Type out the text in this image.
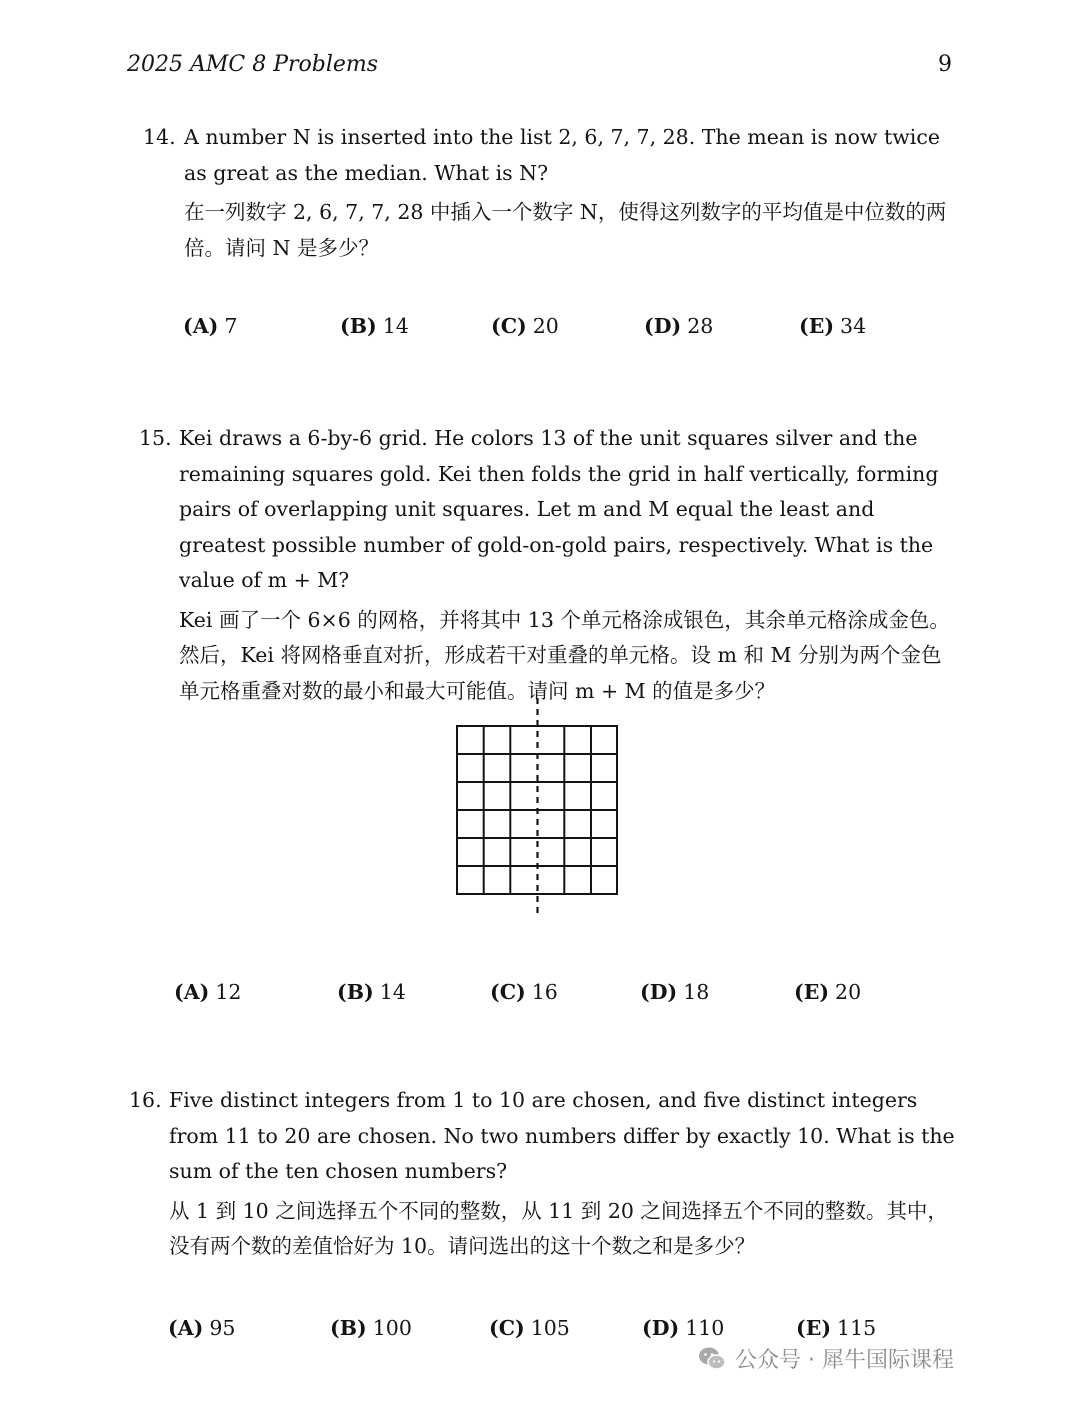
2025 AMC 8 Problems	9
14. A number N is inserted into the list 2, 6, 7, 7, 28. The mean is now twice as great as the median. What is N?

在一列数字 2, 6, 7, 7, 28 中插入一个数字 N，使得这列数字的平均值是中位数的两倍。请问 N 是多少？

(A) 7	(B) 14	(C) 20	(D) 28	(E) 34
15. Kei draws a 6-by-6 grid. He colors 13 of the unit squares silver and the remaining squares gold. Kei then folds the grid in half vertically, forming pairs of overlapping unit squares. Let m and M equal the least and greatest possible number of gold-on-gold pairs, respectively. What is the value of m + M?

Kei 画了一个 6×6 的网格，并将其中 13 个单元格涂成银色，其余单元格涂成金色。然后，Kei 将网格垂直对折，形成若干对重叠的单元格。设 m 和 M 分别为两个金色单元格重叠对数的最小和最大可能值。请问 m + M 的值是多少？

(A) 12	(B) 14	(C) 16	(D) 18	(E) 20
16. Five distinct integers from 1 to 10 are chosen, and five distinct integers from 11 to 20 are chosen. No two numbers differ by exactly 10. What is the sum of the ten chosen numbers?

从 1 到 10 之间选择五个不同的整数，从 11 到 20 之间选择五个不同的整数。其中，没有两个数的差值恰好为 10。请问选出的这十个数之和是多少？

(A) 95	(B) 100	(C) 105	(D) 110	(E) 115
公众号 · 犀牛国际课程
